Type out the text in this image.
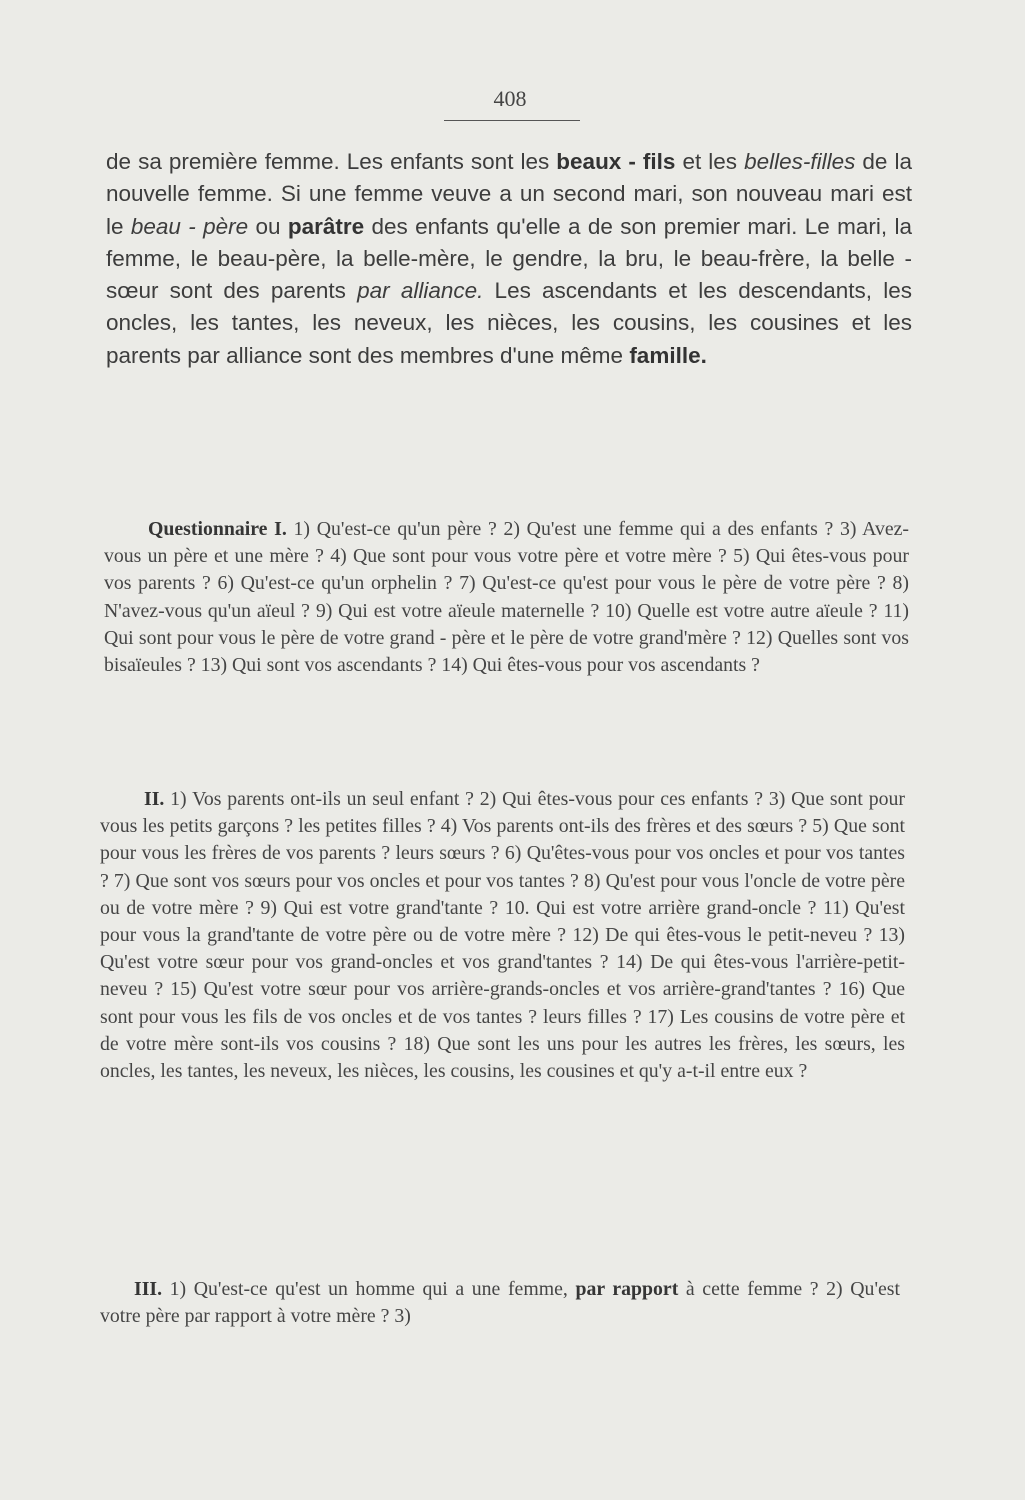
408

de sa première femme. Les enfants sont les beaux - fils et les belles-filles de la nouvelle femme. Si une femme veuve a un second mari, son nouveau mari est le beau - père ou parâtre des enfants qu'elle a de son premier mari. Le mari, la femme, le beau-père, la belle-mère, le gendre, la bru, le beau-frère, la belle -sœur sont des parents par alliance. Les ascendants et les descendants, les oncles, les tantes, les neveux, les nièces, les cousins, les cousines et les parents par alliance sont des membres d'une même famille.

Questionnaire I. 1) Qu'est-ce qu'un père ? 2) Qu'est une femme qui a des enfants ? 3) Avez-vous un père et une mère ? 4) Que sont pour vous votre père et votre mère ? 5) Qui êtes-vous pour vos parents ? 6) Qu'est-ce qu'un orphelin ? 7) Qu'est-ce qu'est pour vous le père de votre père ? 8) N'avez-vous qu'un aïeul ? 9) Qui est votre aïeule maternelle ? 10) Quelle est votre autre aïeule ? 11) Qui sont pour vous le père de votre grand - père et le père de votre grand'mère ? 12) Quelles sont vos bisaïeules ? 13) Qui sont vos ascendants ? 14) Qui êtes-vous pour vos ascendants ?

II. 1) Vos parents ont-ils un seul enfant ? 2) Qui êtes-vous pour ces enfants ? 3) Que sont pour vous les petits garçons ? les petites filles ? 4) Vos parents ont-ils des frères et des sœurs ? 5) Que sont pour vous les frères de vos parents ? leurs sœurs ? 6) Qu'êtes-vous pour vos oncles et pour vos tantes ? 7) Que sont vos sœurs pour vos oncles et pour vos tantes ? 8) Qu'est pour vous l'oncle de votre père ou de votre mère ? 9) Qui est votre grand'tante ? 10. Qui est votre arrière grand-oncle ? 11) Qu'est pour vous la grand'tante de votre père ou de votre mère ? 12) De qui êtes-vous le petit-neveu ? 13) Qu'est votre sœur pour vos grand-oncles et vos grand'tantes ? 14) De qui êtes-vous l'arrière-petit-neveu ? 15) Qu'est votre sœur pour vos arrière-grands-oncles et vos arrière-grand'tantes ? 16) Que sont pour vous les fils de vos oncles et de vos tantes ? leurs filles ? 17) Les cousins de votre père et de votre mère sont-ils vos cousins ? 18) Que sont les uns pour les autres les frères, les sœurs, les oncles, les tantes, les neveux, les nièces, les cousins, les cousines et qu'y a-t-il entre eux ?

III. 1) Qu'est-ce qu'est un homme qui a une femme, par rapport à cette femme ? 2) Qu'est votre père par rapport à votre mère ? 3)
